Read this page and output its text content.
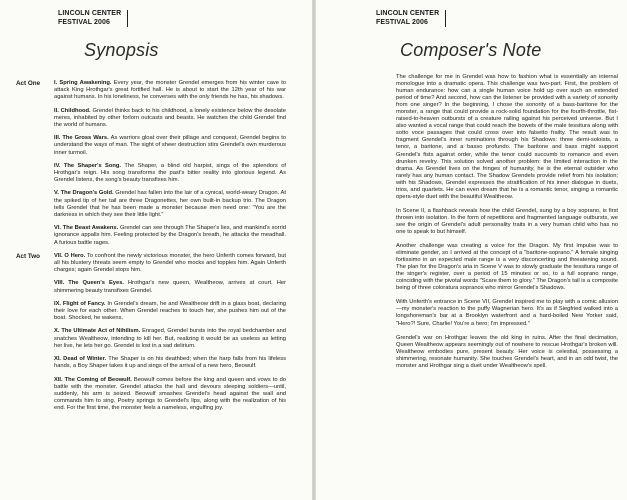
LINCOLN CENTER
FESTIVAL 2006
Synopsis
Act One	I. Spring Awakening. Every year, the monster Grendel emerges from his winter cave to attack King Hrothgar's great fortified hall. He is about to start the 12th year of his war against humans. In his loneliness, he converses with the only friends he has, his shadows.
II. Childhood. Grendel thinks back to his childhood, a lonely existence below the desolate meres, inhabited by other forlorn outcasts and beasts. He watches the child Grendel find the world of humans.
III. The Gross Wars. As warriors gloat over their pillage and conquest, Grendel begins to understand the ways of man. The sight of sheer destruction stirs Grendel's own murderous inner turmoil.
IV. The Shaper's Song. The Shaper, a blind old harpist, sings of the splendors of Hrothgar's reign. His song transforms the past's bitter reality into glorious legend. As Grendel listens, the song's beauty transfixes him.
V. The Dragon's Gold. Grendel has fallen into the lair of a cynical, world-weary Dragon. At the spiked tip of her tail are three Dragonettes, her own built-in backup trio. The Dragon tells Grendel that he has been made a monster because men need one: "You are the darkness in which they see their little light."
VI. The Beast Awakens. Grendel can see through The Shaper's lies, and mankind's sorrid ignorance appalls him. Feeling protected by the Dragon's breath, he attacks the meadhall. A furious battle rages.
Act Two	VII. O Hero. To confront the newly victorious monster, the hero Unferth comes forward, but all his blustery threats seem empty to Grendel who mocks and topples him. Again Unferth charges; again Grendel stops him.
VIII. The Queen's Eyes. Hrothgar's new queen, Wealtheow, arrives at court. Her shimmering beauty transfixes Grendel.
IX. Flight of Fancy. In Grendel's dream, he and Wealtheow drift in a glass boat, declaring their love for each other. When Grendel reaches to touch her, she pushes him out of the boat. Shocked, he wakens.
X. The Ultimate Act of Nihilism. Enraged, Grendel bursts into the royal bedchamber and snatches Wealtheow, intending to kill her. But, realizing it would be as useless as letting her live, he lets her go. Grendel is lost in a sad delirium.
XI. Dead of Winter. The Shaper is on his deathbed; when the harp falls from his lifeless hands, a Boy Shaper takes it up and sings of the arrival of a new hero, Beowulf.
XII. The Coming of Beowulf. Beowulf comes before the king and queen and vows to do battle with the monster. Grendel attacks the hall and devours sleeping soldiers—until, suddenly, his arm is seized. Beowulf smashes Grendel's head against the wall and commands him to sing. Poetry springs to Grendel's lips, along with the realization of his end. For the first time, the monster feels a nameless, engulfing joy.
LINCOLN CENTER
FESTIVAL 2006
Composer's Note

The challenge for me in Grendel was how to fashion what is essentially an internal monologue into a dramatic opera. This challenge was two-part. First, the problem of human endurance: how can a single human voice hold up over such an extended period of time? And second, how can the listener be provided with a variety of sonority from one singer? In the beginning, I chose the sonority of a bass-baritone for the monster, a range that could provide a rock-solid foundation for the fourth-throttle, fist-raised-to-heaven outbursts of a creature railing against his perceived universe. But I also wanted a vocal range that could reach the bowels of the male tessitura along with sotto voce passages that could cross over into falsetto frailty. The result was to fragment Grendel's inner ruminations through his Shadows: three demi-soloists, a tenor, a baritone, and a basso profundo. The baritone and bass might support Grendel's fists against order, while the tenor could succumb to romance and even drunken revelry. This solution solved another problem: the limited interaction in the drama. As Grendel lives on the fringes of humanity, he is the eternal outsider who rarely has any human contact. The Shadow Grendels provide relief from his isolation; with his Shadows, Grendel expresses the stratification of his inner dialogue in duets, trios, and quartets. He can even dream that he is a romantic tenor, singing a romantic opera-style duet with the beautiful Wealtheow.

In Scene II, a flashback reveals how the child Grendel, sung by a boy soprano, is first thrown into isolation. In the form of repetitions and fragmented language outbursts, we see the origin of Grendel's adult personality traits in a very human child who has no one to speak to but himself.

Another challenge was creating a voice for the Dragon. My first impulse was to eliminate gender, so I arrived at the concept of a "baritone-soprano." A female singing fortissimo in an expected male range is a very disconcerting and threatening sound. The plan for the Dragon's aria in Scene V was to slowly graduate the tessitura range of the singer's register, over a period of 15 minutes or so, to a full soprano range, coinciding with the pivotal words "Scare them to glory." The Dragon's tail is a composite being of three coloratura sopranos who mirror Grendel's Shadows.

With Unferth's entrance in Scene VII, Grendel inspired me to play with a comic allusion—my monster's reaction to the puffy Wagnerian hero. It's as if Siegfried walked into a longshoreman's bar at a Brooklyn waterfront and a hard-boiled New Yorker said, "Hero?! Sure, Charlie! You're a hero; I'm impressed."

Grendel's war on Hrothgar leaves the old king in ruins. After the final decimation, Queen Wealtheow appears seemingly out of nowhere to rescue Hrothgar's broken will. Wealtheow embodies pure, present beauty. Her voice is celestial, possessing a shimmering, resonate humanity. She touches Grendel's heart, and in an odd twist, the monster and Hrothgar sing a duet under Wealtheow's spell.
